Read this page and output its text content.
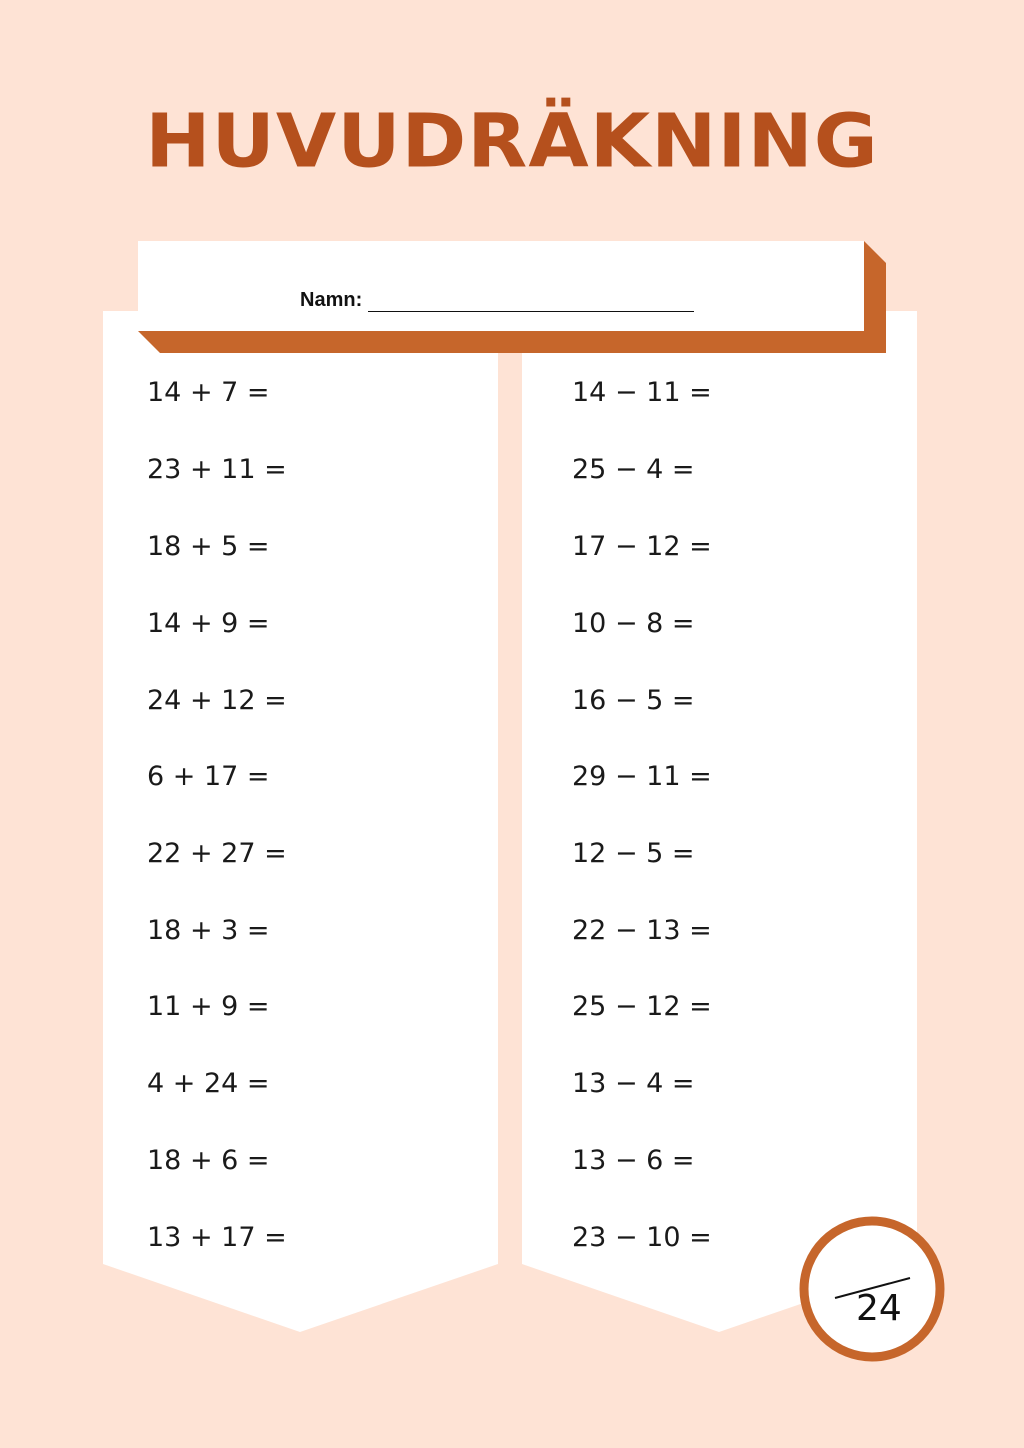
HUVUDRÄKNING
Namn:
14 + 7 =
23 + 11 =
18 + 5 =
14 + 9 =
24 + 12 =
6 + 17 =
22 + 27 =
18 + 3 =
11 + 9 =
4 + 24 =
18 + 6 =
13 + 17 =
14 − 11 =
25 − 4 =
17 − 12 =
10 − 8 =
16 − 5 =
29 − 11 =
12 − 5 =
22 − 13 =
25 − 12 =
13 − 4 =
13 − 6 =
23 − 10 =
24
